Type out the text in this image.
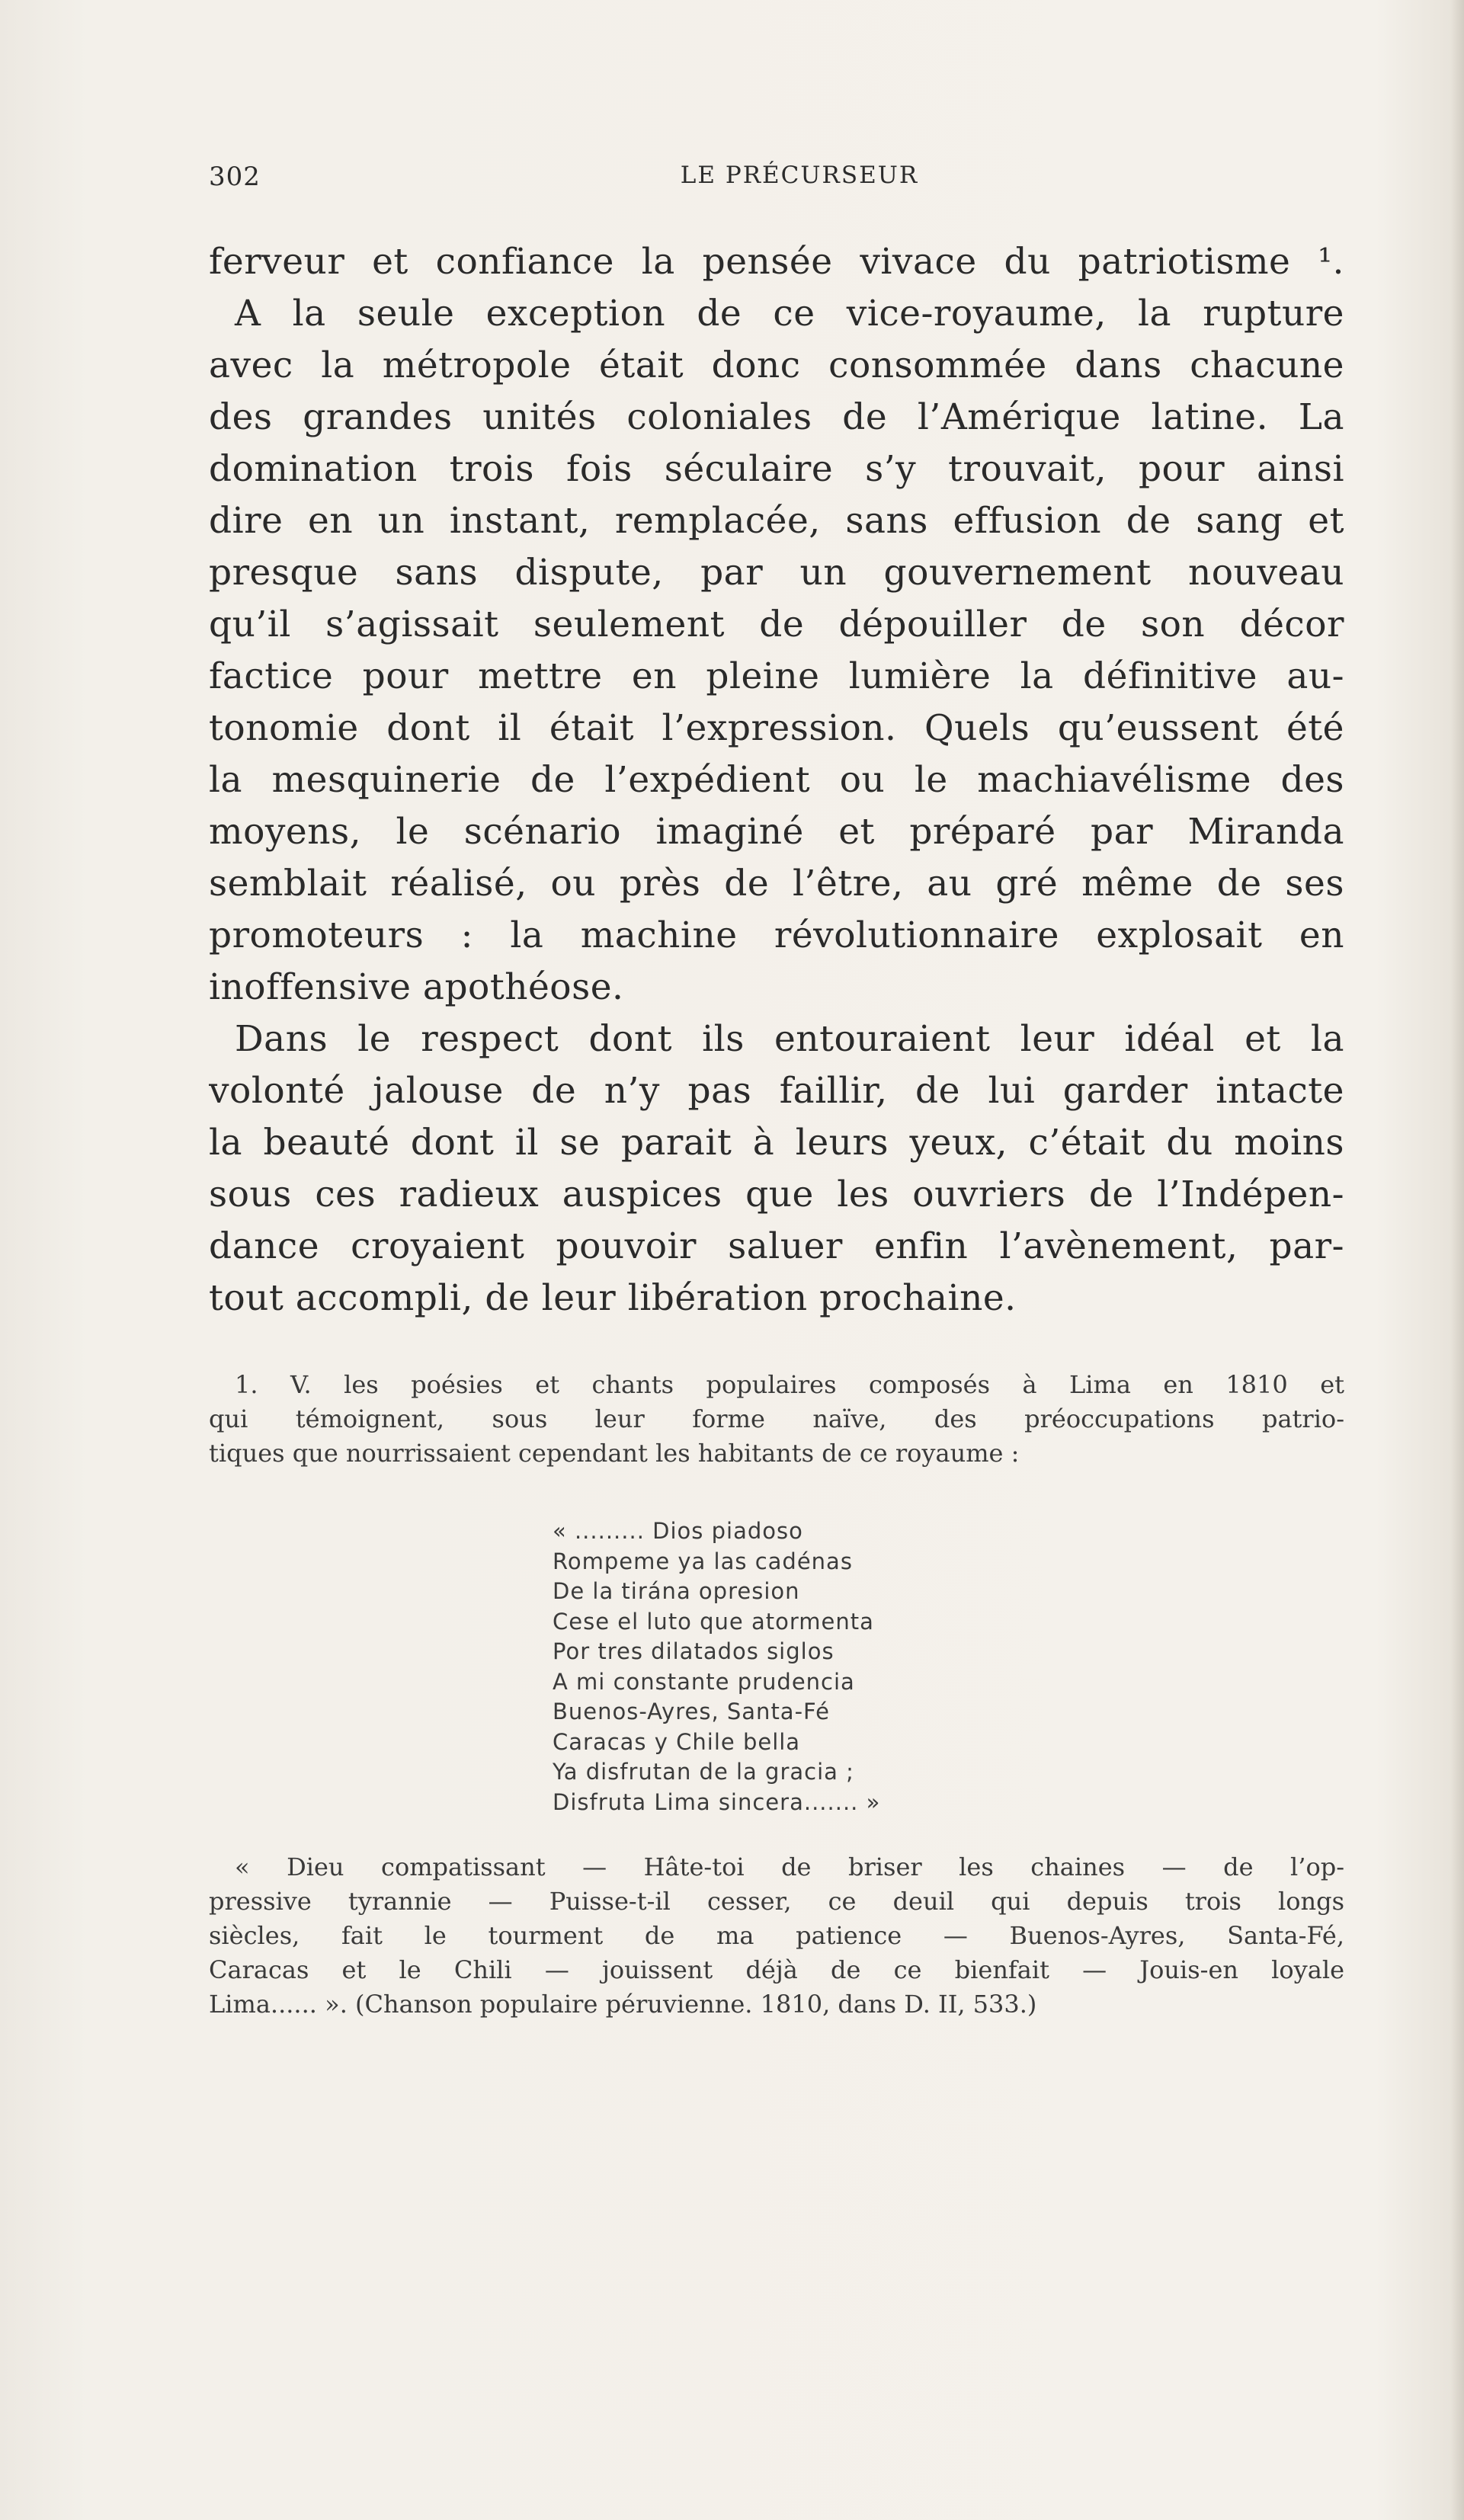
302	LE PRÉCURSEUR
ferveur et confiance la pensée vivace du patriotisme ¹.
A la seule exception de ce vice-royaume, la rupture
avec la métropole était donc consommée dans chacune
des grandes unités coloniales de l’Amérique latine. La
domination trois fois séculaire s’y trouvait, pour ainsi
dire en un instant, remplacée, sans effusion de sang et
presque sans dispute, par un gouvernement nouveau
qu’il s’agissait seulement de dépouiller de son décor
factice pour mettre en pleine lumière la définitive au-
tonomie dont il était l’expression. Quels qu’eussent été
la mesquinerie de l’expédient ou le machiavélisme des
moyens, le scénario imaginé et préparé par Miranda
semblait réalisé, ou près de l’être, au gré même de ses
promoteurs : la machine révolutionnaire explosait en
inoffensive apothéose.
Dans le respect dont ils entouraient leur idéal et la
volonté jalouse de n’y pas faillir, de lui garder intacte
la beauté dont il se parait à leurs yeux, c’était du moins
sous ces radieux auspices que les ouvriers de l’Indépen-
dance croyaient pouvoir saluer enfin l’avènement, par-
tout accompli, de leur libération prochaine.
1. V. les poésies et chants populaires composés à Lima en 1810 et
qui témoignent, sous leur forme naïve, des préoccupations patrio-
tiques que nourrissaient cependant les habitants de ce royaume :
« ......... Dios piadoso
Rompeme ya las cadénas
De la tirána opresion
Cese el luto que atormenta
Por tres dilatados siglos
A mi constante prudencia
Buenos-Ayres, Santa-Fé
Caracas y Chile bella
Ya disfrutan de la gracia ;
Disfruta Lima sincera....... »
« Dieu compatissant — Hâte-toi de briser les chaines — de l’op-
pressive tyrannie — Puisse-t-il cesser, ce deuil qui depuis trois longs
siècles, fait le tourment de ma patience — Buenos-Ayres, Santa-Fé,
Caracas et le Chili — jouissent déjà de ce bienfait — Jouis-en loyale
Lima...... ». (Chanson populaire péruvienne. 1810, dans D. II, 533.)
